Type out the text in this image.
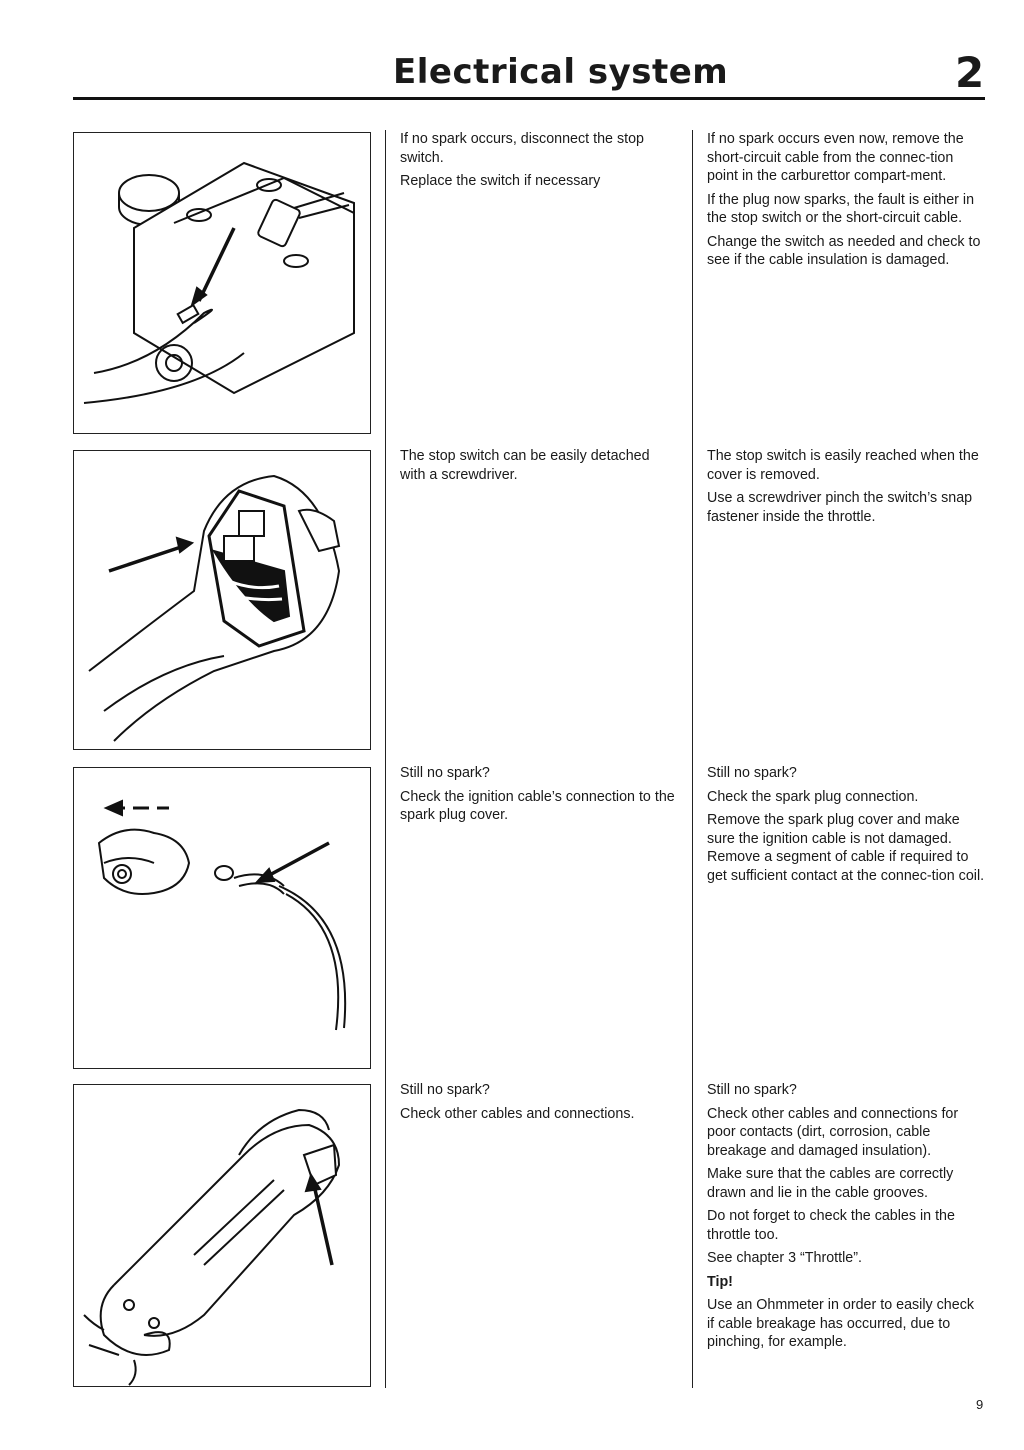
Electrical system	2

If no spark occurs, disconnect the stop switch.

Replace the switch if necessary

If no spark occurs even now, remove the short-circuit cable from the connec-tion point in the carburettor compart-ment.

If the plug now sparks, the fault is either in the stop switch or the short-circuit cable.

Change the switch as needed and check to see if the cable insulation is damaged.

The stop switch can be easily detached with a screwdriver.

The stop switch is easily reached when the cover is removed.

Use a screwdriver pinch the switch’s snap fastener inside the throttle.

Still no spark?

Check the ignition cable’s connection to the spark plug cover.

Still no spark?

Check the spark plug connection.

Remove the spark plug cover and make sure the ignition cable is not damaged. Remove a segment of cable if required to get sufficient contact at the connec-tion coil.

Still no spark?

Check other cables and connections.

Still no spark?

Check other cables and connections for poor contacts (dirt, corrosion, cable breakage and damaged insulation).

Make sure that the cables are correctly drawn and lie in the cable grooves.

Do not forget to check the cables in the throttle too.

See chapter 3 “Throttle”.

Tip!

Use an Ohmmeter in order to easily check if cable breakage has occurred, due to pinching, for example.

9
